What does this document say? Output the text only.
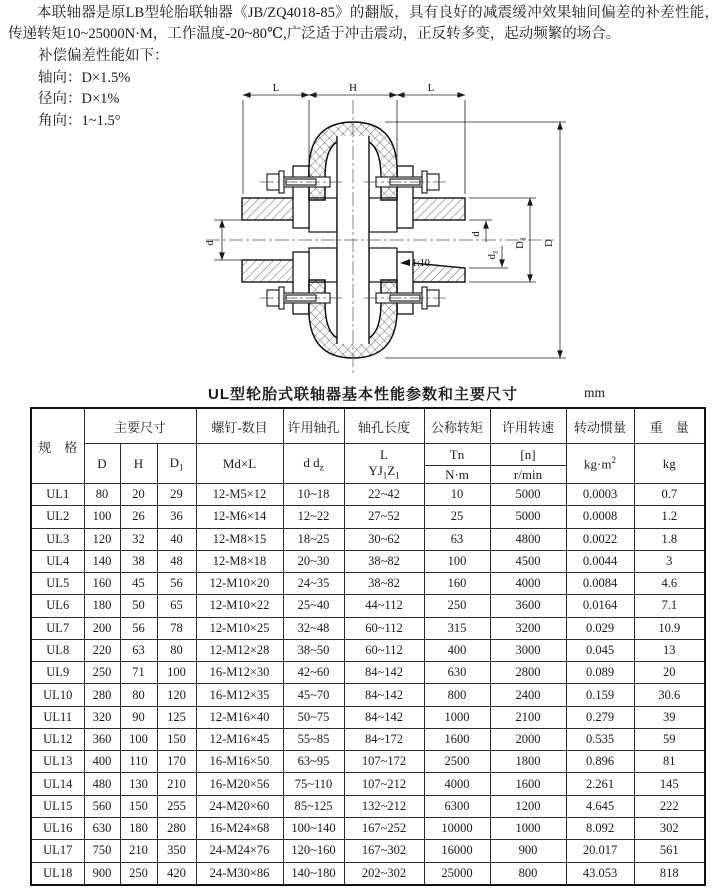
本联轴器是原LB型轮胎联轴器《JB/ZQ4018-85》的翻版，具有良好的减震缓冲效果轴间偏差的补差性能，传递转矩10~25000N·M，工作温度-20~80℃,广泛适于冲击震动，正反转多变，起动频繁的场合。

补偿偏差性能如下：
轴向：D×1.5%
径向：D×1%
角向：1~1.5°
1:10
L	H	L
d
d
$d_z$
$D_1$ D
UL型轮胎式联轴器基本性能参数和主要尺寸	mm
规　格	主要尺寸			螺钉-数目	许用轴孔	轴孔长度	公称转矩	许用转速	转动惯量	重　量
	D	H	$D_1$	Md×L	d $d_z$	L
$YJ_1Z_1$	Tn	[n]	$kg\cdot m^2$	kg
							N·m	r/min		
UL1	80	20	29	12-M5×12	10~18	22~42	10	5000	0.0003	0.7
UL2	100	26	36	12-M6×14	12~22	27~52	25	5000	0.0008	1.2
UL3	120	32	40	12-M8×15	18~25	30~62	63	4800	0.0022	1.8
UL4	140	38	48	12-M8×18	20~30	38~82	100	4500	0.0044	3
UL5	160	45	56	12-M10×20	24~35	38~82	160	4000	0.0084	4.6
UL6	180	50	65	12-M10×22	25~40	44~112	250	3600	0.0164	7.1
UL7	200	56	78	12-M10×25	32~48	60~112	315	3200	0.029	10.9
UL8	220	63	80	12-M12×28	38~50	60~112	400	3000	0.045	13
UL9	250	71	100	16-M12×30	42~60	84~142	630	2800	0.089	20
UL10	280	80	120	16-M12×35	45~70	84~142	800	2400	0.159	30.6
UL11	320	90	125	12-M16×40	50~75	84~142	1000	2100	0.279	39
UL12	360	100	150	12-M16×45	55~85	84~172	1600	2000	0.535	59
UL13	400	110	170	16-M16×50	63~95	107~172	2500	1800	0.896	81
UL14	480	130	210	16-M20×56	75~110	107~212	4000	1600	2.261	145
UL15	560	150	255	24-M20×60	85~125	132~212	6300	1200	4.645	222
UL16	630	180	280	16-M24×68	100~140	167~252	10000	1000	8.092	302
UL17	750	210	350	24-M24×76	120~160	167~302	16000	900	20.017	561
UL18	900	250	420	24-M30×86	140~180	202~302	25000	800	43.053	818
